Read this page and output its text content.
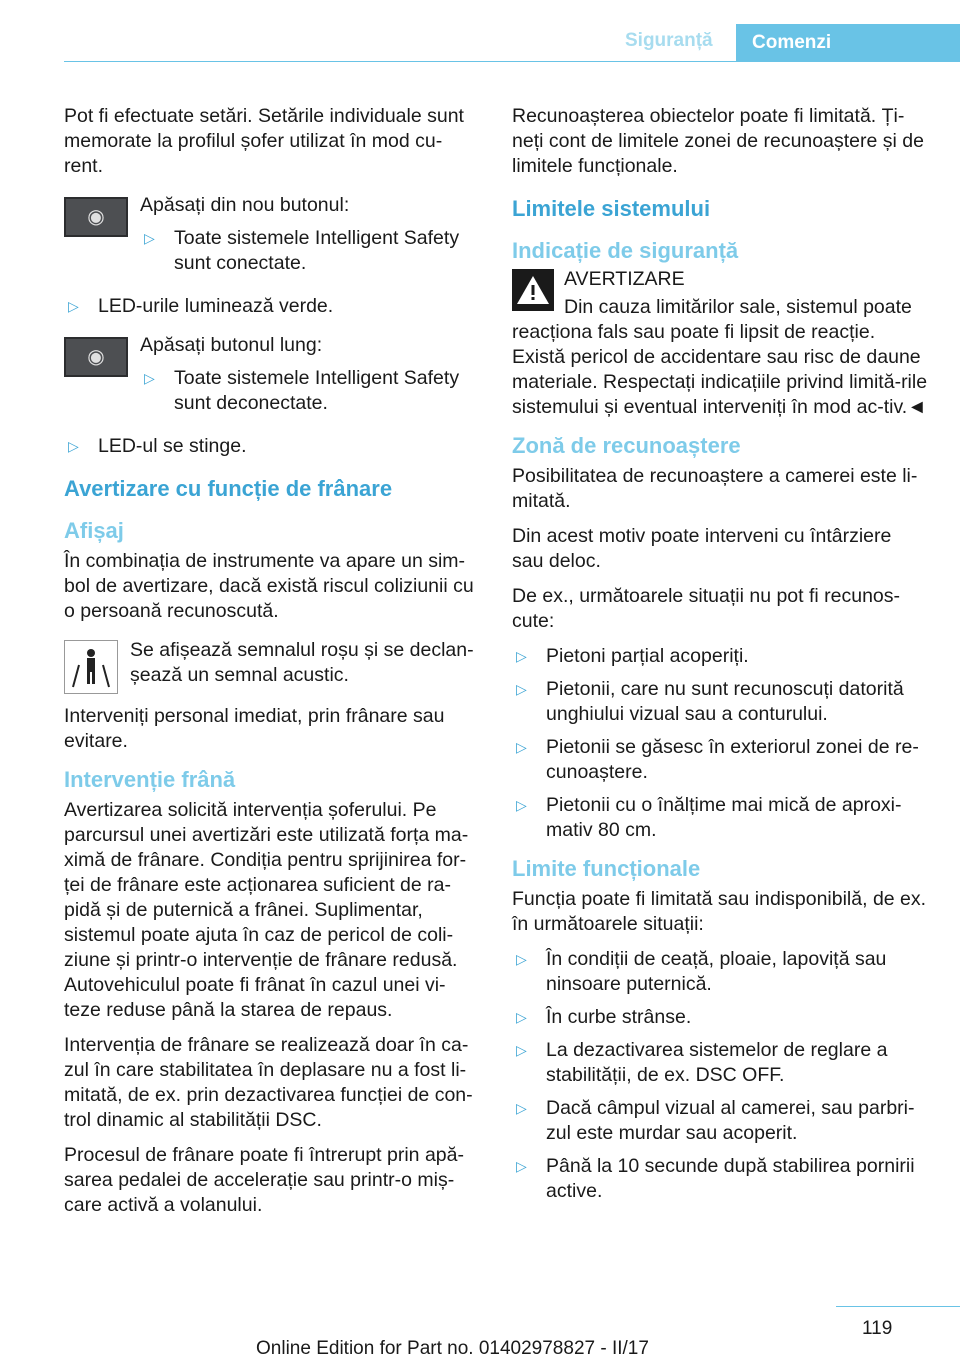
Siguranță	Comenzi

Pot fi efectuate setări. Setările individuale sunt memorate la profilul șofer utilizat în mod cu‐rent.

◉
Apăsați din nou butonul:
▷ Toate sistemele Intelligent Safety sunt conectate.
▷ LED-urile luminează verde.
◉
Apăsați butonul lung:
▷ Toate sistemele Intelligent Safety sunt deconectate.
▷ LED-ul se stinge.
Avertizare cu funcție de frânare
Afișaj

În combinația de instrumente va apare un sim‐bol de avertizare, dacă există riscul coliziunii cu o persoană recunoscută.

Se afișează semnalul roșu și se declan‐șează un semnal acustic.

Interveniți personal imediat, prin frânare sau evitare.

Intervenție frână

Avertizarea solicită intervenția șoferului. Pe parcursul unei avertizări este utilizată forța ma‐ximă de frânare. Condiția pentru sprijinirea for‐ței de frânare este acționarea suficient de ra‐pidă și de puternică a frânei. Suplimentar, sistemul poate ajuta în caz de pericol de coli‐ziune și printr-o intervenție de frânare redusă. Autovehiculul poate fi frânat în cazul unei vi‐teze reduse până la starea de repaus.

Intervenția de frânare se realizează doar în ca‐zul în care stabilitatea în deplasare nu a fost li‐mitată, de ex. prin dezactivarea funcției de con‐trol dinamic al stabilității DSC.

Procesul de frânare poate fi întrerupt prin apă‐sarea pedalei de accelerație sau printr-o miș‐care activă a volanului.

Recunoașterea obiectelor poate fi limitată. Ți‐neți cont de limitele zonei de recunoaștere și de limitele funcționale.

Limitele sistemului
Indicație de siguranță
AVERTIZARE

Din cauza limitărilor sale, sistemul poate reacționa fals sau poate fi lipsit de reacție. Există pericol de accidentare sau risc de daune materiale. Respectați indicațiile privind limită‐rile sistemului și eventual interveniți în mod ac‐tiv.◄

Zonă de recunoaștere

Posibilitatea de recunoaștere a camerei este li‐mitată.

Din acest motiv poate interveni cu întârziere sau deloc.

De ex., următoarele situații nu pot fi recunos‐cute:

▷ Pietoni parțial acoperiți.
▷ Pietonii, care nu sunt recunoscuți datorită unghiului vizual sau a conturului.
▷ Pietonii se găsesc în exteriorul zonei de re‐cunoaștere.
▷ Pietonii cu o înălțime mai mică de aproxi‐mativ 80 cm.
Limite funcționale

Funcția poate fi limitată sau indisponibilă, de ex. în următoarele situații:

▷ În condiții de ceață, ploaie, lapoviță sau ninsoare puternică.
▷ În curbe strânse.
▷ La dezactivarea sistemelor de reglare a stabilității, de ex. DSC OFF.
▷ Dacă câmpul vizual al camerei, sau parbri‐zul este murdar sau acoperit.
▷ Până la 10 secunde după stabilirea pornirii active.
119
Online Edition for Part no. 01402978827 - II/17
